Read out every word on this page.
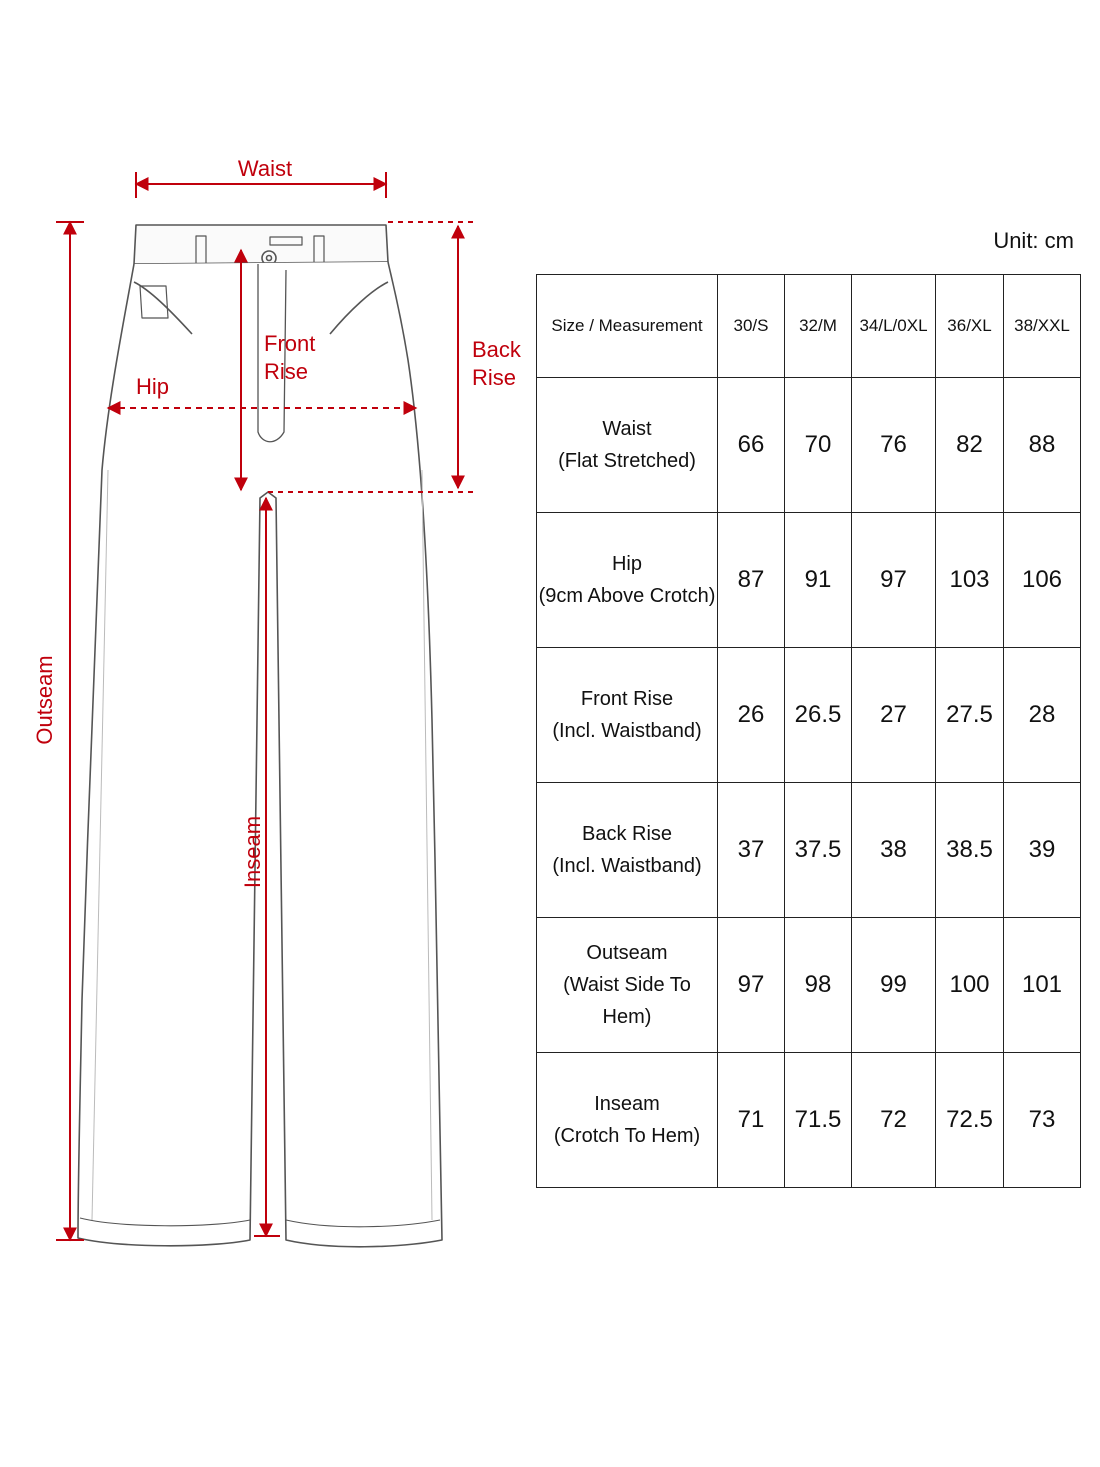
Waist
Front
Rise
Back
Rise
Hip
Outseam
Inseam
Unit: cm
Size / Measurement	30/S	32/M	34/L/0XL	36/XL	38/XXL

Waist
(Flat Stretched)	66	70	76	82	88

Hip
(9cm Above Crotch)	87	91	97	103	106

Front Rise
(Incl. Waistband)	26	26.5	27	27.5	28

Back Rise
(Incl. Waistband)	37	37.5	38	38.5	39

Outseam
(Waist Side To Hem)	97	98	99	100	101

Inseam
(Crotch To Hem)	71	71.5	72	72.5	73
